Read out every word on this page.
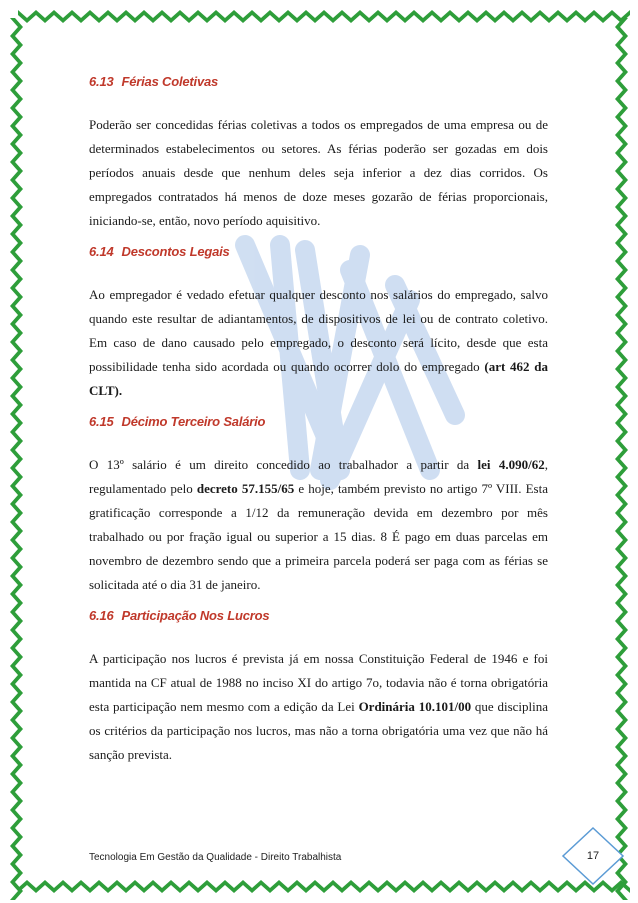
6.13 Férias Coletivas

Poderão ser concedidas férias coletivas a todos os empregados de uma empresa ou de determinados estabelecimentos ou setores. As férias poderão ser gozadas em dois períodos anuais desde que nenhum deles seja inferior a dez dias corridos. Os empregados contratados há menos de doze meses gozarão de férias proporcionais, iniciando-se, então, novo período aquisitivo.

6.14 Descontos Legais

Ao empregador é vedado efetuar qualquer desconto nos salários do empregado, salvo quando este resultar de adiantamentos, de dispositivos de lei ou de contrato coletivo. Em caso de dano causado pelo empregado, o desconto será lícito, desde que esta possibilidade tenha sido acordada ou quando ocorrer dolo do empregado (art 462 da CLT).

6.15 Décimo Terceiro Salário

O 13º salário é um direito concedido ao trabalhador a partir da lei 4.090/62, regulamentado pelo decreto 57.155/65 e hoje, também previsto no artigo 7º VIII. Esta gratificação corresponde a 1/12 da remuneração devida em dezembro por mês trabalhado ou por fração igual ou superior a 15 dias. 8 É pago em duas parcelas em novembro de dezembro sendo que a primeira parcela poderá ser paga com as férias se solicitada até o dia 31 de janeiro.

6.16 Participação Nos Lucros

A participação nos lucros é prevista já em nossa Constituição Federal de 1946 e foi mantida na CF atual de 1988 no inciso XI do artigo 7o, todavia não é torna obrigatória esta participação nem mesmo com a edição da Lei Ordinária 10.101/00 que disciplina os critérios da participação nos lucros, mas não a torna obrigatória uma vez que não há sanção prevista.

Tecnologia Em Gestão da Qualidade - Direito Trabalhista	17
